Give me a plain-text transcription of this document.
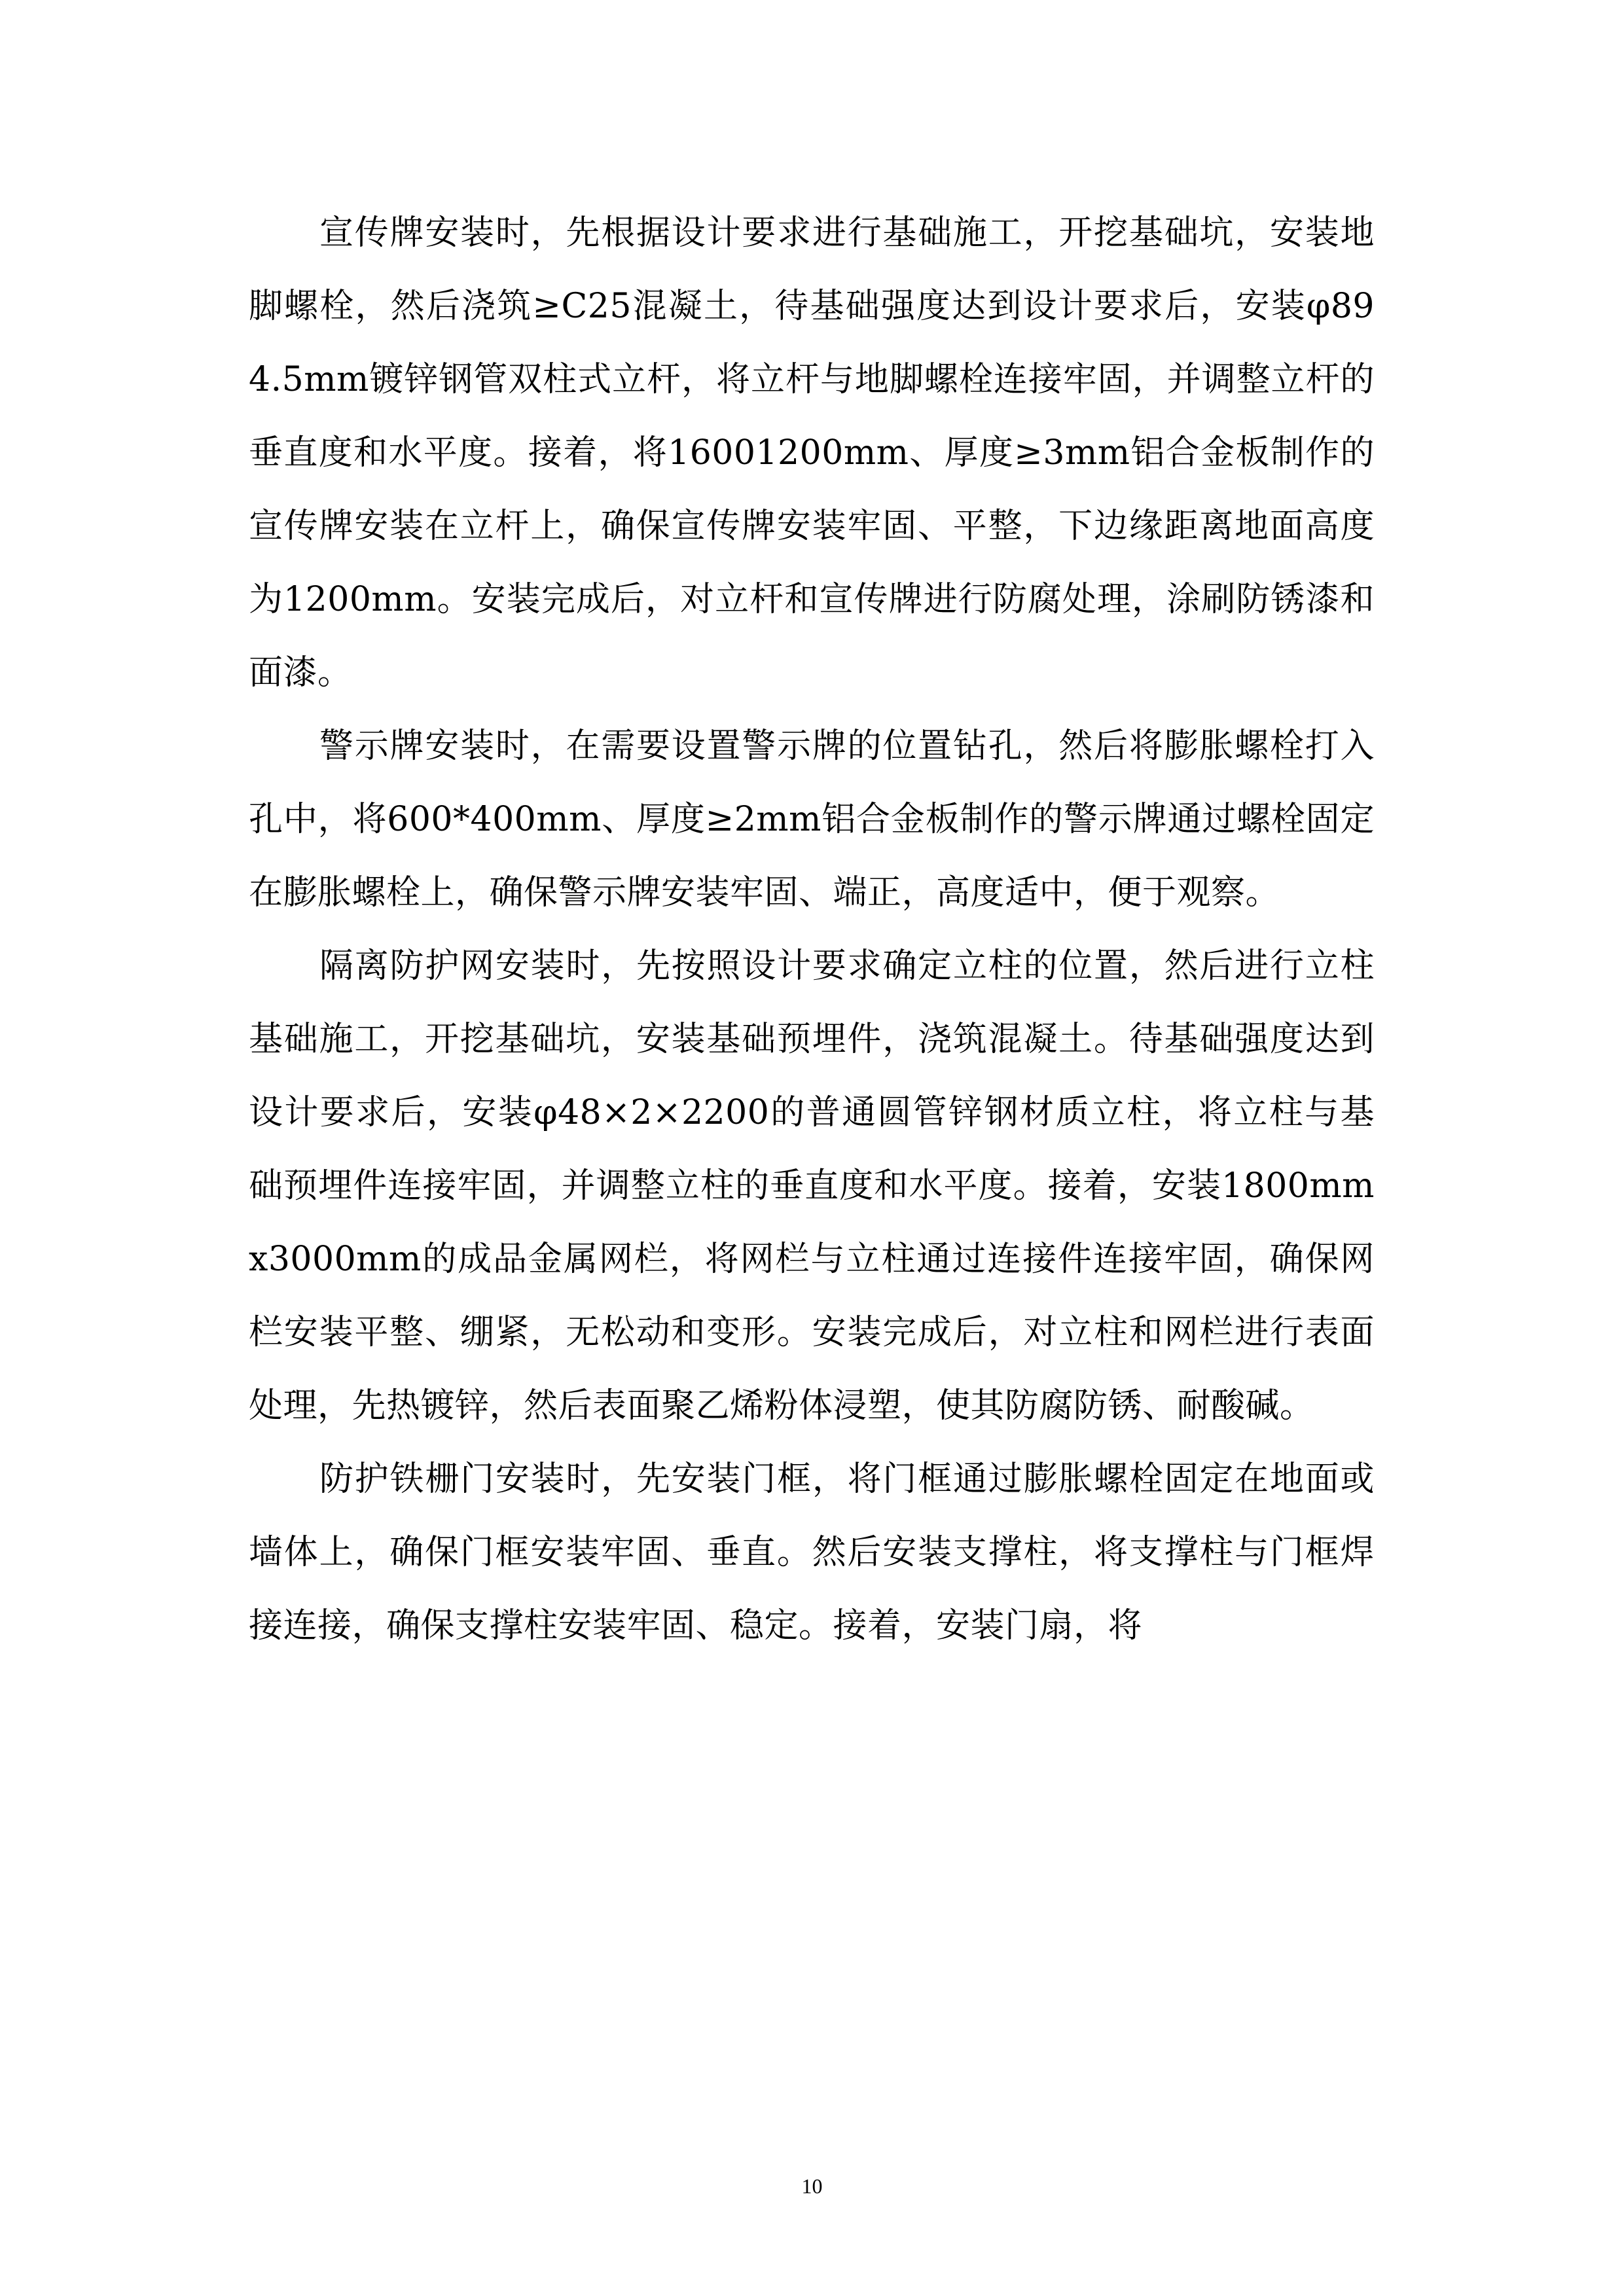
宣传牌安装时，先根据设计要求进行基础施工，开挖基础坑，安装地脚螺栓，然后浇筑≥C25混凝土，待基础强度达到设计要求后，安装φ894.5mm镀锌钢管双柱式立杆，将立杆与地脚螺栓连接牢固，并调整立杆的垂直度和水平度。接着，将16001200mm、厚度≥3mm铝合金板制作的宣传牌安装在立杆上，确保宣传牌安装牢固、平整，下边缘距离地面高度为1200mm。安装完成后，对立杆和宣传牌进行防腐处理，涂刷防锈漆和面漆。

警示牌安装时，在需要设置警示牌的位置钻孔，然后将膨胀螺栓打入孔中，将600*400mm、厚度≥2mm铝合金板制作的警示牌通过螺栓固定在膨胀螺栓上，确保警示牌安装牢固、端正，高度适中，便于观察。

隔离防护网安装时，先按照设计要求确定立柱的位置，然后进行立柱基础施工，开挖基础坑，安装基础预埋件，浇筑混凝土。待基础强度达到设计要求后，安装φ48×2×2200的普通圆管锌钢材质立柱，将立柱与基础预埋件连接牢固，并调整立柱的垂直度和水平度。接着，安装1800mmx3000mm的成品金属网栏，将网栏与立柱通过连接件连接牢固，确保网栏安装平整、绷紧，无松动和变形。安装完成后，对立柱和网栏进行表面处理，先热镀锌，然后表面聚乙烯粉体浸塑，使其防腐防锈、耐酸碱。

防护铁栅门安装时，先安装门框，将门框通过膨胀螺栓固定在地面或墙体上，确保门框安装牢固、垂直。然后安装支撑柱，将支撑柱与门框焊接连接，确保支撑柱安装牢固、稳定。接着，安装门扇，将

10
